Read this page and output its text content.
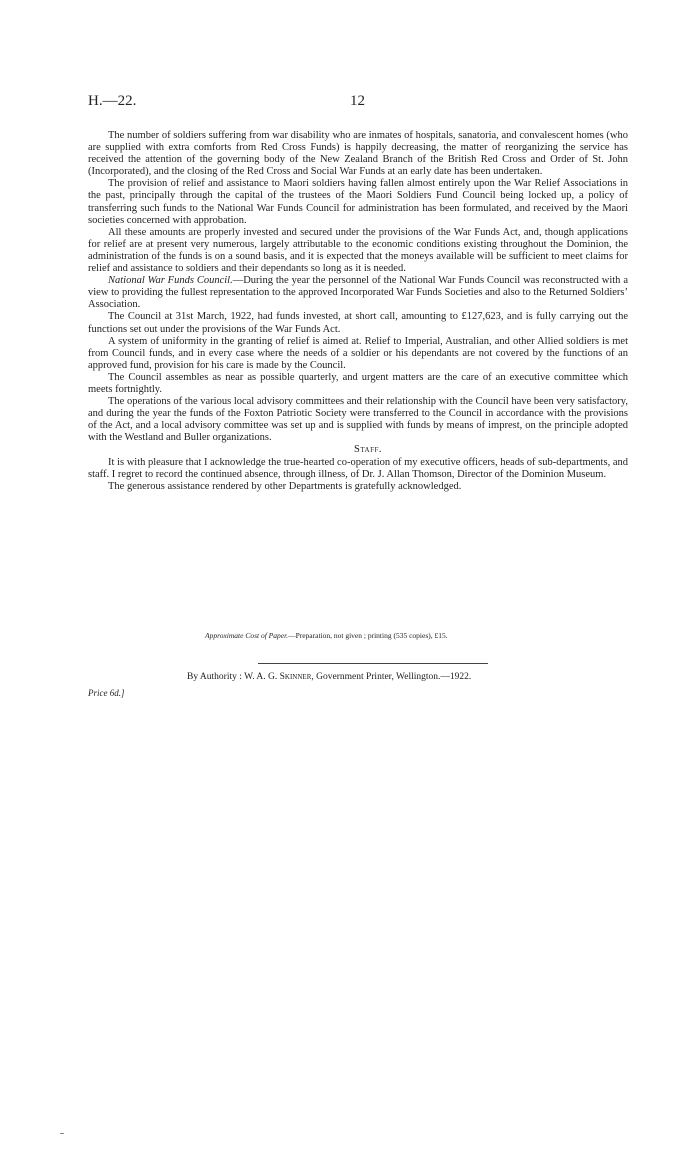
H.—22.	12

The number of soldiers suffering from war disability who are inmates of hospitals, sanatoria, and convalescent homes (who are supplied with extra comforts from Red Cross Funds) is happily decreasing, the matter of reorganizing the service has received the attention of the governing body of the New Zealand Branch of the British Red Cross and Order of St. John (Incorporated), and the closing of the Red Cross and Social War Funds at an early date has been undertaken.

The provision of relief and assistance to Maori soldiers having fallen almost entirely upon the War Relief Associations in the past, principally through the capital of the trustees of the Maori Soldiers Fund Council being locked up, a policy of transferring such funds to the National War Funds Council for administration has been formulated, and received by the Maori societies concerned with approbation.

All these amounts are properly invested and secured under the provisions of the War Funds Act, and, though applications for relief are at present very numerous, largely attributable to the economic conditions existing throughout the Dominion, the administration of the funds is on a sound basis, and it is expected that the moneys available will be sufficient to meet claims for relief and assistance to soldiers and their dependants so long as it is needed.

National War Funds Council.—During the year the personnel of the National War Funds Council was reconstructed with a view to providing the fullest representation to the approved Incorporated War Funds Societies and also to the Returned Soldiers’ Association.

The Council at 31st March, 1922, had funds invested, at short call, amounting to £127,623, and is fully carrying out the functions set out under the provisions of the War Funds Act.

A system of uniformity in the granting of relief is aimed at. Relief to Imperial, Australian, and other Allied soldiers is met from Council funds, and in every case where the needs of a soldier or his dependants are not covered by the functions of an approved fund, provision for his care is made by the Council.

The Council assembles as near as possible quarterly, and urgent matters are the care of an executive committee which meets fortnightly.

The operations of the various local advisory committees and their relationship with the Council have been very satisfactory, and during the year the funds of the Foxton Patriotic Society were transferred to the Council in accordance with the provisions of the Act, and a local advisory committee was set up and is supplied with funds by means of imprest, on the principle adopted with the Westland and Buller organizations.

Staff.

It is with pleasure that I acknowledge the true-hearted co-operation of my executive officers, heads of sub-departments, and staff. I regret to record the continued absence, through illness, of Dr. J. Allan Thomson, Director of the Dominion Museum.

The generous assistance rendered by other Departments is gratefully acknowledged.

Approximate Cost of Paper.—Preparation, not given ; printing (535 copies), £15.
By Authority : W. A. G. Skinner, Government Printer, Wellington.—1922.
Price 6d.]
